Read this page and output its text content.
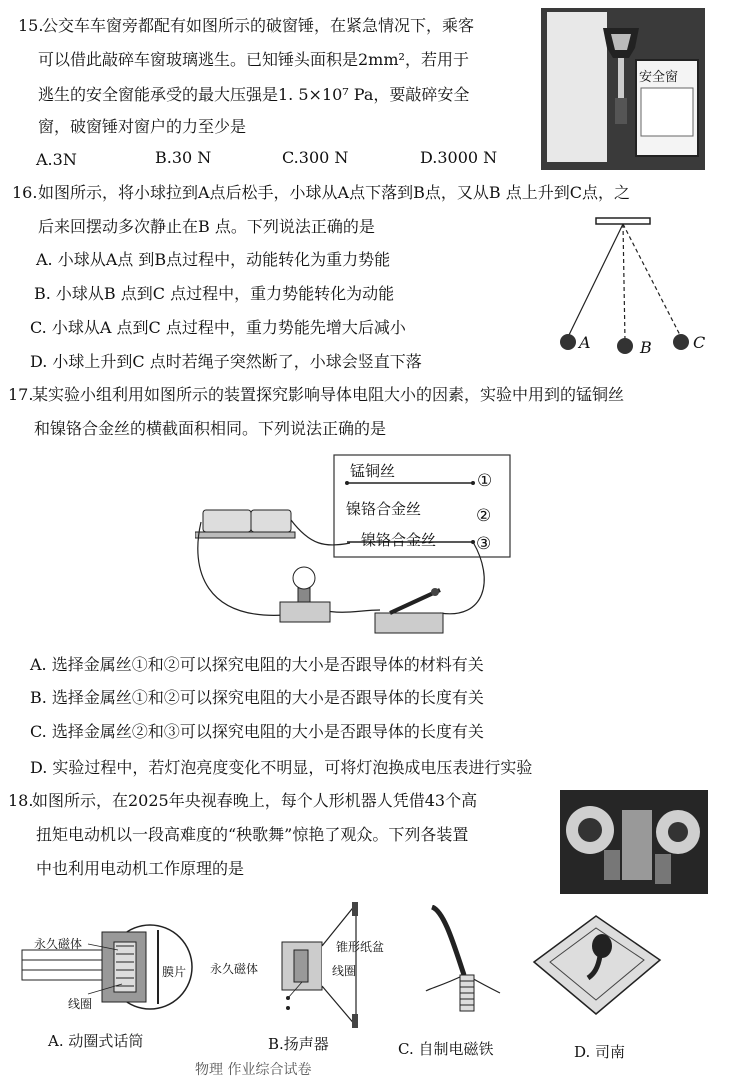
15.
公交车车窗旁都配有如图所示的破窗锤，在紧急情况下，乘客
可以借此敲碎车窗玻璃逃生。已知锤头面积是2mm²，若用于
逃生的安全窗能承受的最大压强是1. 5×10⁷ Pa，要敲碎安全
窗，破窗锤对窗户的力至少是
A.3N	B.30 N	C.300 N	D.3000 N
安全窗
16. 如图所示，将小球拉到A点后松手，小球从A点下落到B点，又从B 点上升到C点，之
后来回摆动多次静止在B 点。下列说法正确的是
A. 小球从A点 到B点过程中，动能转化为重力势能
B. 小球从B 点到C 点过程中，重力势能转化为动能
C. 小球从A 点到C 点过程中，重力势能先增大后减小
D. 小球上升到C 点时若绳子突然断了，小球会竖直下落
A	B	C
17.
某实验小组利用如图所示的装置探究影响导体电阻大小的因素，实验中用到的锰铜丝
和镍铬合金丝的横截面积相同。下列说法正确的是
锰铜丝
镍铬合金丝
镍铬合金丝
①
②
③
A. 选择金属丝①和②可以探究电阻的大小是否跟导体的材料有关
B. 选择金属丝①和②可以探究电阻的大小是否跟导体的长度有关
C. 选择金属丝②和③可以探究电阻的大小是否跟导体的长度有关
D. 实验过程中，若灯泡亮度变化不明显，可将灯泡换成电压表进行实验
18.
如图所示，在2025年央视春晚上，每个人形机器人凭借43个高
扭矩电动机以一段高难度的“秧歌舞”惊艳了观众。下列各装置
中也利用电动机工作原理的是
永久磁体
膜片
线圈
锥形纸盆
永久磁体	线圈
A. 动圈式话筒	B.扬声器	C. 自制电磁铁	D. 司南
物理 作业综合试卷
